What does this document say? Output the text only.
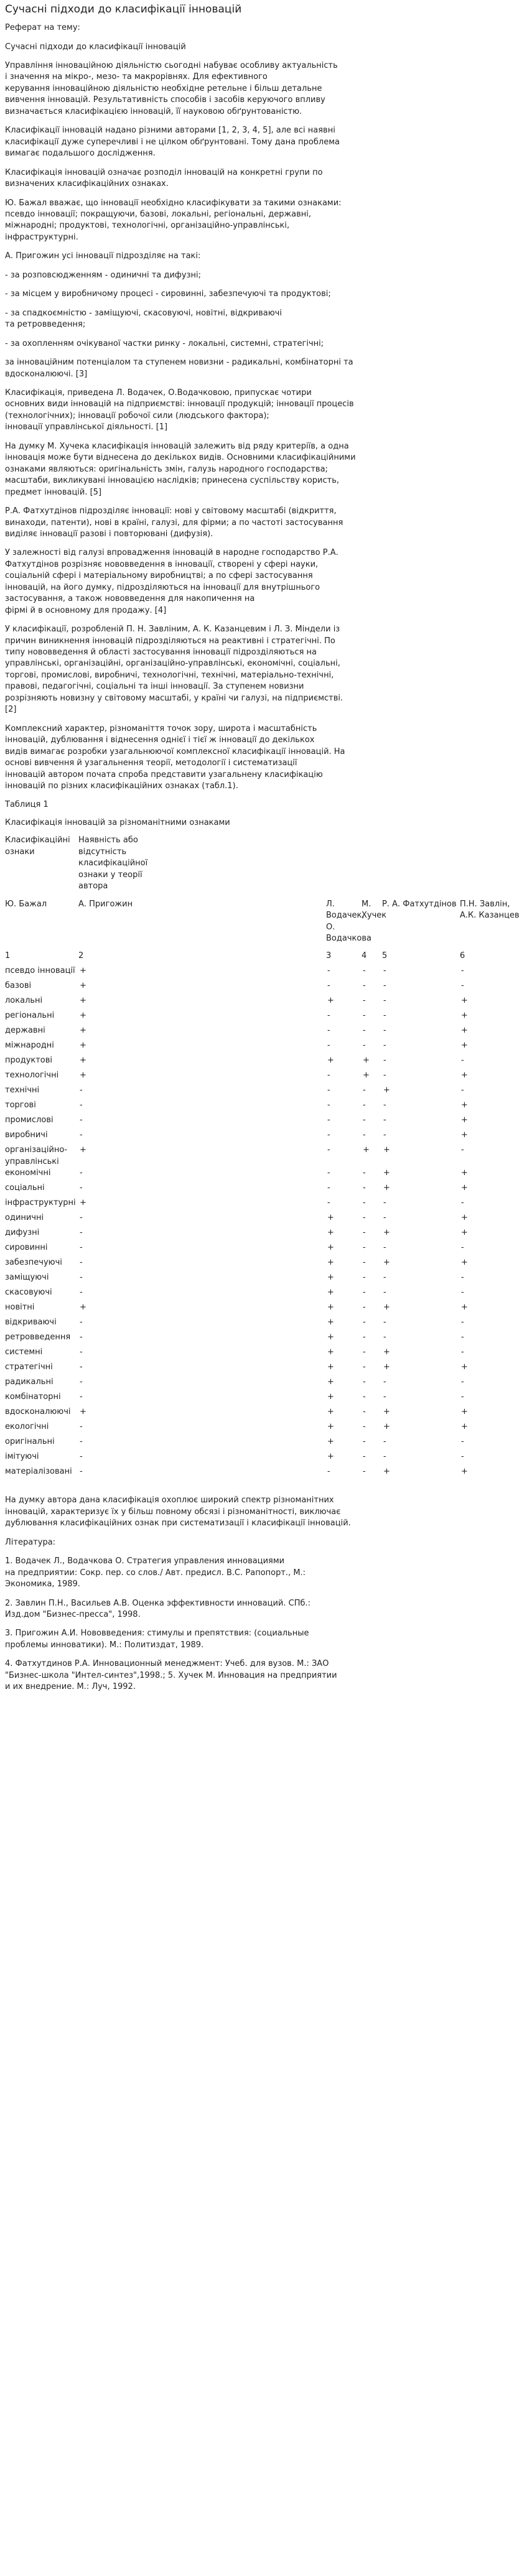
Сучасні підходи до класифікації інновацій

Реферат на тему:

Сучасні підходи до класифікації інновацій

Управління інноваційною діяльністю сьогодні набуває особливу актуальність
і значення на мікро-, мезо- та макрорівнях. Для ефективного
керування інноваційною діяльністю необхідне ретельне і більш детальне
вивчення інновацій. Результативність способів і засобів керуючого впливу
визначається класифікацією інновацій, її науковою обґрунтованістю.
Класифікації інновацій надано різними авторами [1, 2, 3, 4, 5], але всі наявні
класифікації дуже суперечливі і не цілком обґрунтовані. Тому дана проблема
вимагає подальшого дослідження.
Класифікація інновацій означає розподіл інновацій на конкретні групи по
визначених класифікаційних ознаках.
Ю. Бажал вважає, що інновації необхідно класифікувати за такими ознаками:
псевдо інновації; покращуючи, базові, локальні, регіональні, державні,
міжнародні; продуктові, технологічні, організаційно-управлінські,
інфраструктурні.
А. Пригожин усі інновації підрозділяє на такі:
- за розповсюдженням - одиничні та дифузні;
- за місцем у виробничому процесі - сировинні, забезпечуючі та продуктові;
- за спадкоємністю - заміщуючі, скасовуючі, новітні, відкриваючі
та ретровведення;
- за охопленням очікуваної частки ринку - локальні, системні, стратегічні;
за інноваційним потенціалом та ступенем новизни - радикальні, комбінаторні та
вдосконалюючі. [3]
Класифікація, приведена Л. Водачек, О.Водачковою, припускає чотири
основних види інновацій на підприємстві: інновації продукцій; інновації процесів
(технологічних); інновації робочої сили (людського фактора);
інновації управлінської діяльності. [1]
На думку М. Хучека класифікація інновацій залежить від ряду критеріїв, а одна
інновація може бути віднесена до декількох видів. Основними класифікаційними
ознаками являються: оригінальність змін, галузь народного господарства;
масштаби, викликувані інновацією наслідків; принесена суспільству користь,
предмет інновацій. [5]
Р.А. Фатхутдінов підрозділяє інновації: нові у світовому масштабі (відкриття,
винаходи, патенти), нові в країні, галузі, для фірми; а по частоті застосування
виділяє інновації разові і повторювані (дифузія).
У залежності від галузі впровадження інновацій в народне господарство Р.А.
Фатхутдінов розрізняє нововведення в інновації, створені у сфері науки,
соціальній сфері і матеріальному виробництві; а по сфері застосування
інновацій, на його думку, підрозділяються на інновації для внутрішнього
застосування, а також нововведення для накопичення на
фірмі й в основному для продажу. [4]
У класифікації, розробленій П. Н. Завліним, А. К. Казанцевим і Л. З. Міндели із
причин виникнення інновацій підрозділяються на реактивні і стратегічні. По
типу нововведення й області застосування інновації підрозділяються на
управлінські, організаційні, організаційно-управлінські, економічні, соціальні,
торгові, промислові, виробничі, технологічні, технічні, матеріально-технічні,
правові, педагогічні, соціальні та інші інновації. За ступенем новизни
розрізняють новизну у світовому масштабі, у країні чи галузі, на підприємстві.
[2]
Комплексний характер, різноманіття точок зору, широта і масштабність
інновацій, дублювання і віднесення однієї і тієї ж інновації до декількох
видів вимагає розробки узагальнюючої комплексної класифікації інновацій. На
основі вивчення й узагальнення теорії, методології і систематизації
інновацій автором почата спроба представити узагальнену класифікацію
інновацій по різних класифікаційних ознаках (табл.1).

Таблиця 1

Класифікація інновацій за різноманітними ознаками

Класифікаційні ознаки	Наявність або відсутність класифікаційної ознаки у теорії автора				
Ю. Бажал	А. Пригожин	Л. Водачек, О. Водачкова	М. Хучек	Р. А. Фатхутдінов	П.Н. Завлін, А.К. Казанцев
1	2	3	4	5	6
псевдо інновації	+	-	-	-	-
базові	+	-	-	-	-
локальні	+	+	-	-	+
регіональні	+	-	-	-	+
державні	+	-	-	-	+
міжнародні	+	-	-	-	+
продуктові	+	+	+	-	-
технологічні	+	-	+	-	+
технічні	-	-	-	+	-
торгові	-	-	-	-	+
промислові	-	-	-	-	+
виробничі	-	-	-	-	+
організаційно-управлінські	+	-	+	+	-
економічні	-	-	-	+	+
соціальні	-	-	-	+	+
інфраструктурні	+	-	-	-	-
одиничні	-	+	-	-	+
дифузні	-	+	-	+	+
сировинні	-	+	-	-	-
забезпечуючі	-	+	-	+	+
заміщуючі	-	+	-	-	-
скасовуючі	-	+	-	-	-
новітні	+	+	-	+	+
відкриваючі	-	+	-	-	-
ретровведення	-	+	-	-	-
системні	-	+	-	+	-
стратегічні	-	+	-	+	+
радикальні	-	+	-	-	-
комбінаторні	-	+	-	-	-
вдосконалюючі	+	+	-	+	+
екологічні	-	+	-	+	+
оригінальні	-	+	-	-	-
імітуючі	-	+	-	-	-
матеріалізовані	-	-	-	+	+
На думку автора дана класифікація охоплює широкий спектр різноманітних
інновацій, характеризує їх у більш повному обсязі і різноманітності, виключає
дублювання класифікаційних ознак при систематизації і класифікації інновацій.

Література:

1. Водачек Л., Водачкова О. Стратегия управления инновациями
на предприятии: Сокр. пер. со слов./ Авт. предисл. В.С. Рапопорт., М.:
Экономика, 1989.
2. Завлин П.Н., Васильев А.В. Оценка эффективности инноваций. СПб.:
Изд.дом "Бизнес-пресса", 1998.
3. Пригожин А.И. Нововведения: стимулы и препятствия: (социальные
проблемы инноватики). М.: Политиздат, 1989.
4. Фатхутдинов Р.А. Инновационный менеджмент: Учеб. для вузов. М.: ЗАО
"Бизнес-школа "Интел-синтез",1998.; 5. Хучек М. Инновация на предприятии
и их внедрение. М.: Луч, 1992.
